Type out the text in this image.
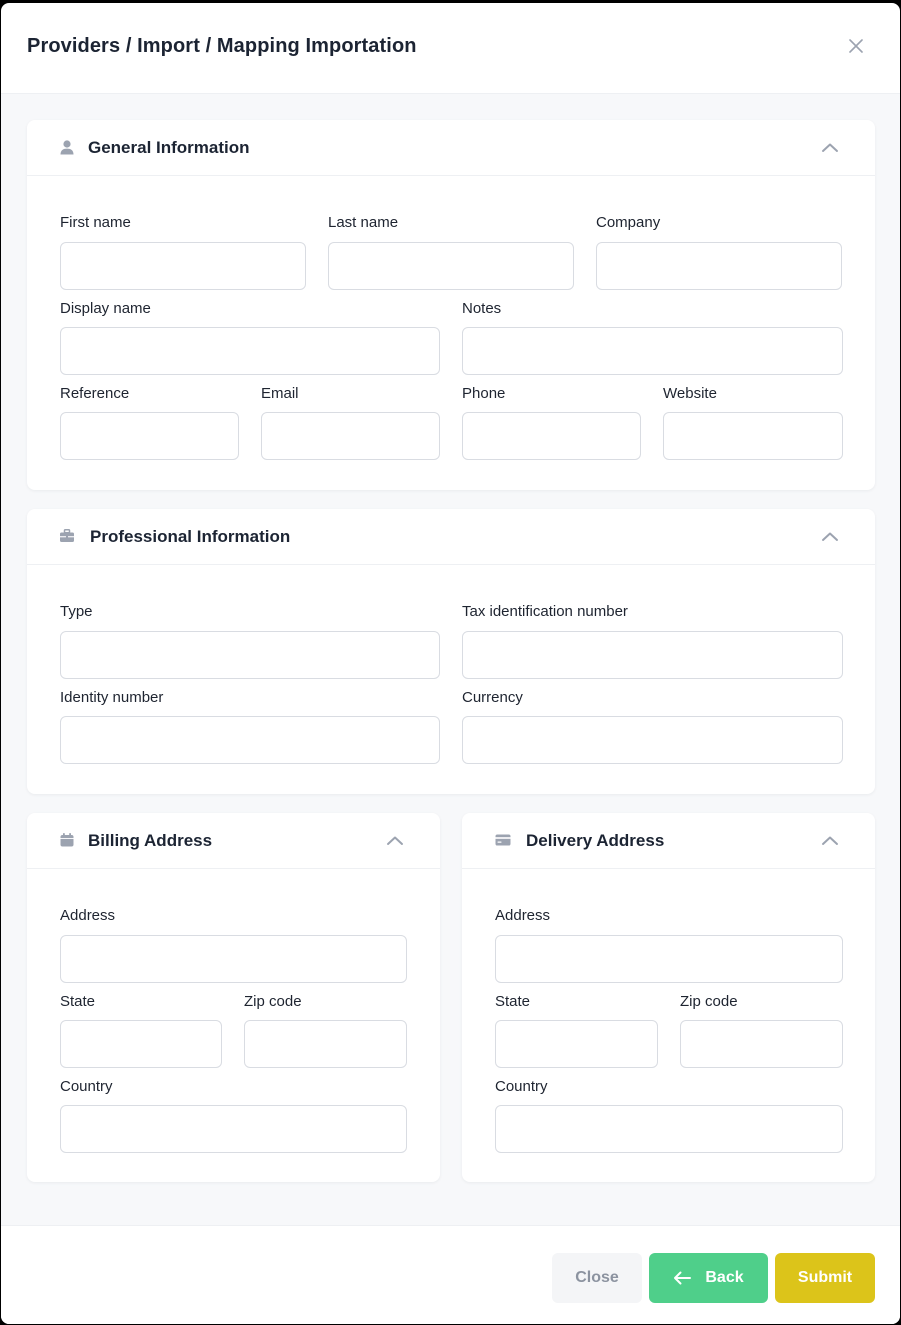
Providers / Import / Mapping Importation
General Information
First name	Last name	Company
Display name	Notes
Reference	Email	Phone	Website
Professional Information
Type	Tax identification number
Identity number	Currency
Billing Address
Address
State	Zip code
Country
Delivery Address
Address
State	Zip code
Country
Close	Back	Submit
